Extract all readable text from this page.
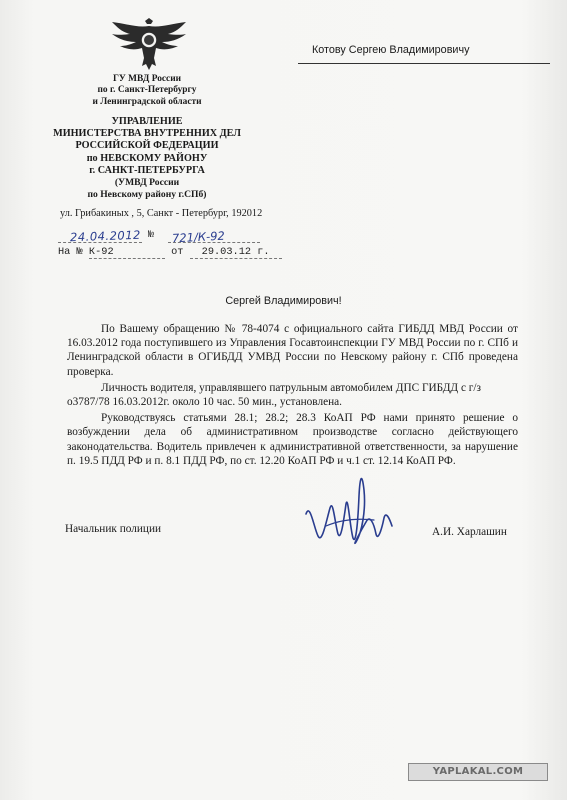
ГУ МВД России
по г. Санкт-Петербургу
и Ленинградской области
УПРАВЛЕНИЕ
МИНИСТЕРСТВА ВНУТРЕННИХ ДЕЛ
РОССИЙСКОЙ ФЕДЕРАЦИИ
по НЕВСКОМУ РАЙОНУ
г. САНКТ-ПЕТЕРБУРГА
(УМВД России
по Невскому району г.СПб)
ул. Грибакиных , 5, Санкт - Петербург, 192012
Котову Сергею Владимировичу
24.04.2012 № 721/К-92
На № К-92	от 29.03.12 г.
Сергей Владимирович!

По Вашему обращению № 78-4074 с официального сайта ГИБДД МВД России от 16.03.2012 года поступившего из Управления Госавтоинспекции ГУ МВД России по г. СПб и Ленинградской области в ОГИБДД УМВД России по Невскому району г. СПб проведена проверка.

Личность водителя, управлявшего патрульным автомобилем ДПС ГИБДД с г/з о3787/78 16.03.2012г. около 10 час. 50 мин., установлена.

Руководствуясь статьями 28.1; 28.2; 28.3 КоАП РФ нами принято решение о возбуждении дела об административном производстве согласно действующего законодательства. Водитель привлечен к административной ответственности, за нарушение п. 19.5 ПДД РФ и п. 8.1 ПДД РФ, по ст. 12.20 КоАП РФ и ч.1 ст. 12.14 КоАП РФ.

Начальник полиции	А.И. Харлашин
YAPLAKAL.COM
